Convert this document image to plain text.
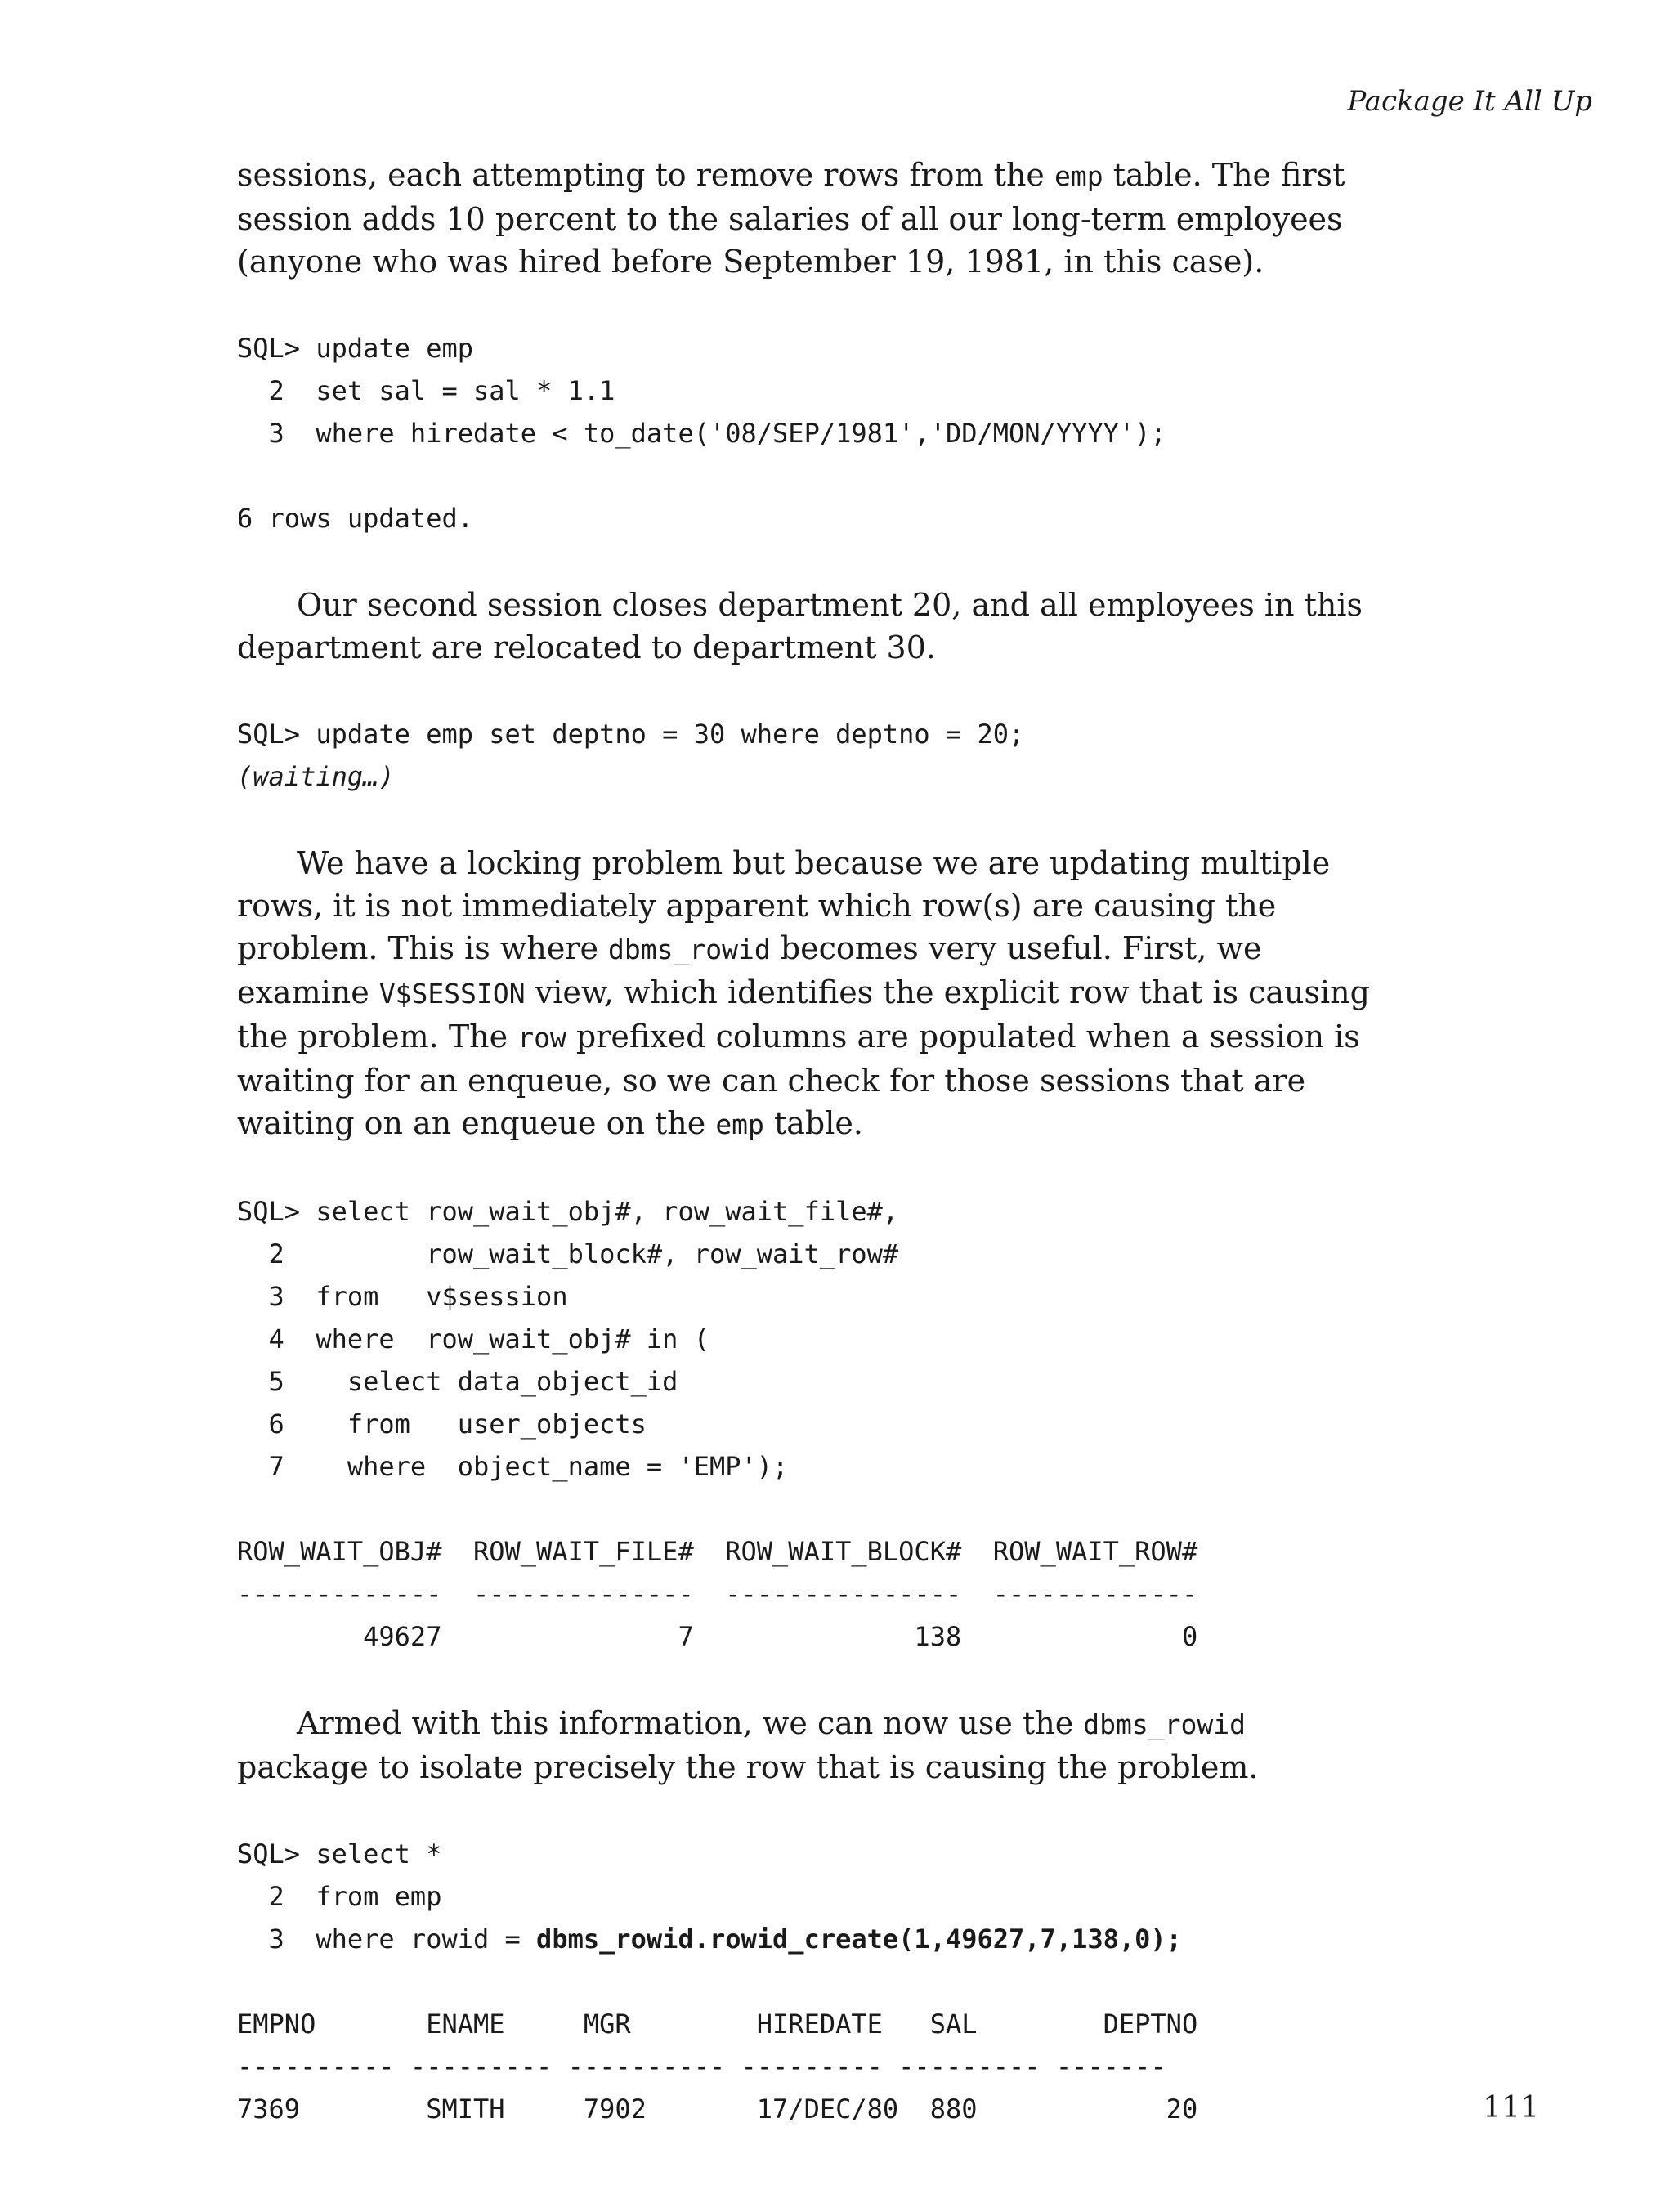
Package It All Up

sessions, each attempting to remove rows from the emp table. The first session adds 10 percent to the salaries of all our long-term employees (anyone who was hired before September 19, 1981, in this case).

SQL> update emp
2  set sal = sal * 1.1
3  where hiredate < to_date('08/SEP/1981','DD/MON/YYYY');

6 rows updated.

Our second session closes department 20, and all employees in this department are relocated to department 30.

SQL> update emp set deptno = 30 where deptno = 20;
(waiting…)

We have a locking problem but because we are updating multiple rows, it is not immediately apparent which row(s) are causing the problem. This is where dbms_rowid becomes very useful. First, we examine V$SESSION view, which identifies the explicit row that is causing the problem. The row prefixed columns are populated when a session is waiting for an enqueue, so we can check for those sessions that are waiting on an enqueue on the emp table.

SQL> select row_wait_obj#, row_wait_file#,
2         row_wait_block#, row_wait_row#
3  from   v$session
4  where  row_wait_obj# in (
5    select data_object_id
6    from   user_objects
7    where  object_name = 'EMP');

ROW_WAIT_OBJ#  ROW_WAIT_FILE#  ROW_WAIT_BLOCK#  ROW_WAIT_ROW#
-------------  --------------  ---------------  -------------
49627               7              138              0

Armed with this information, we can now use the dbms_rowid package to isolate precisely the row that is causing the problem.

SQL> select *
2  from emp
3  where rowid = dbms_rowid.rowid_create(1,49627,7,138,0);

EMPNO       ENAME     MGR        HIREDATE   SAL        DEPTNO
---------- --------- ---------- --------- --------- -------
7369        SMITH     7902       17/DEC/80  880            20	111
